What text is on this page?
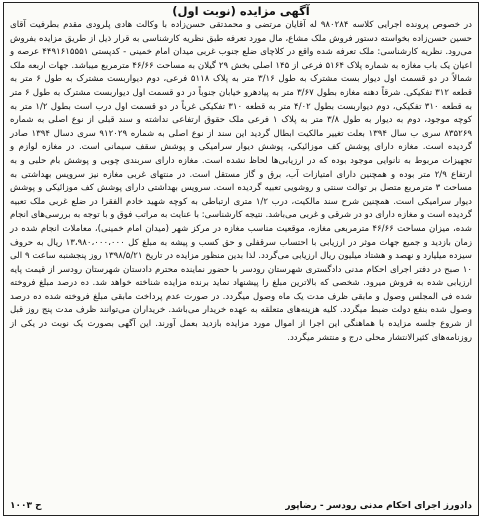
آگهی مزایده (نوبت اول)

در خصوص پرونده اجرایی کلاسه ۹۸۰۲۸۴ له آقایان مرتضی و محمدتقی حسن‌زاده با وکالت هادی پلرودی مقدم بطرفیت آقای حسین حسن‌زاده بخواسته دستور فروش ملک مشاع، مال مورد تعرفه طبق نظریه کارشناسی به قرار ذیل از طریق مزایده بفروش می‌رود. نظریه کارشناسی: ملک تعرفه شده واقع در کلاچای ضلع جنوب غربی میدان امام خمینی - کدپستی ۴۴۹۱۶۱۵۵۵۱ عرصه و اعیان یک باب مغازه به شماره پلاک ۵۱۶۴ فرعی از ۱۴۵ اصلی بخش ۲۹ گیلان به مساحت ۴۶/۶۶ مترمربع میباشد. جهات اربعه ملک شمالاً در دو قسمت اول دیوار بست مشترک به طول ۳/۱۶ متر به پلاک ۵۱۱۸ فرعی، دوم دیواربست مشترک به طول ۶ متر به قطعه ۳۱۲ تفکیکی. شرقاً دهنه مغازه بطول ۳/۶۷ متر به پیادهرو خیابان جنوباً در دو قسمت اول دیواربست مشترک به طول ۶ متر به قطعه ۳۱۰ تفکیکی، دوم دیواربست بطول ۴/۰۲ متر به قطعه ۳۱۰ تفکیکی غرباً در دو قسمت اول درب است بطول ۱/۲ متر به کوچه موجود، دوم به دیوار به طول ۳/۸ متر به پلاک ۱ فرعی ملک حقوق ارتفاعی نداشته و سند قبلی از نوع اصلی به شماره ۸۳۵۲۶۹ سری ب سال ۱۳۹۴ بعلت تغییر مالکیت ابطال گردید این سند از نوع اصلی به شماره ۹۱۲۰۲۹ سری دسال ۱۳۹۴ صادر گردیده است. مغازه دارای پوشش کف موزائیکی، پوشش دیوار سرامیکی و پوشش سقف سیمانی است. در مغازه لوازم و تجهیزات مربوط به نانوایی موجود بوده که در ارزیابی‌ها لحاظ نشده است. مغازه دارای سربندی چوبی و پوشش بام حلبی و به ارتفاع ۲/۹ متر بوده و همچنین دارای امتیازات آب، برق و گاز مستقل است. در منتهای غربی مغازه نیز سرویس بهداشتی به مساحت ۳ مترمربع متصل بر توالت سنتی و روشویی تعبیه گردیده است. سرویس بهداشتی دارای پوشش کف موزائیکی و پوشش دیوار سرامیکی است. همچنین شرح سند مالکیت، درب ۱/۲ متری ارتباطی به کوچه شهید خادم الفقرا در ضلع غربی ملک تعبیه گردیده است و مغازه دارای دو در شرقی و غربی می‌باشد. نتیجه کارشناسی: با عنایت به مراتب فوق و با توجه به بررسی‌های انجام شده، میزان مساحت ۴۶/۶۶ مترمربعی مغازه، موقعیت مناسب مغازه در مرکز شهر (میدان امام خمینی)، معاملات انجام شده در زمان بازدید و جمیع جهات موثر در ارزیابی با احتساب سرقفلی و حق کسب و پیشه به مبلغ کل ۱۳،۹۸۰،۰۰۰،۰۰۰ ریال به حروف سیزده میلیارد و نهصد و هشتاد میلیون ریال ارزیابی می‌گردد. لذا بدین منظور مزایده در تاریخ ۱۳۹۸/۵/۲۱ روز پنجشنبه ساعت ۹ الی ۱۰ صبح در دفتر اجرای احکام مدنی دادگستری شهرستان رودسر با حضور نماینده محترم دادستان شهرستان رودسر از قیمت پایه ارزیابی شده به فروش میرود. شخصی که بالاترین مبلغ را پیشنهاد نماید برنده مزایده شناخته خواهد شد. ده درصد مبلغ فروخته شده فی المجلس وصول و مابقی ظرف مدت یک ماه وصول میگردد. در صورت عدم پرداخت مابقی مبلغ فروخته شده ده درصد وصول شده بنفع دولت ضبط میگردد. کلیه هزینه‌های متعلقه به عهده خریدار می‌باشد. خریداران می‌توانند ظرف مدت پنج روز قبل از شروع جلسه مزایده با هماهنگی این اجرا از اموال مورد مزایده بازدید بعمل آورند. این آگهی بصورت یک نوبت در یکی از روزنامه‌های کثیرالانتشار محلی درج و منتشر میگردد.

دادورز اجرای احکام مدنی رودسر - رضاپور
ح ۱۰۰۳
